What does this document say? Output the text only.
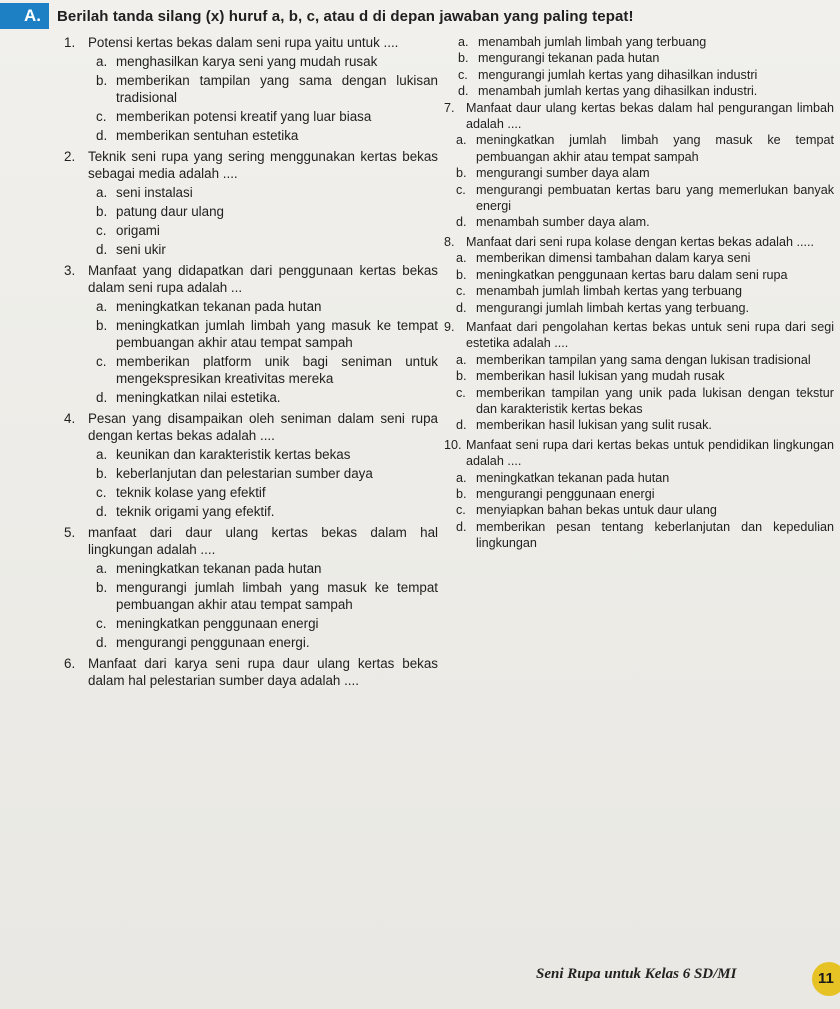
A.	Berilah tanda silang (x) huruf a, b, c, atau d di depan jawaban yang paling tepat!
1. Potensi kertas bekas dalam seni rupa yaitu untuk ....
a. menghasilkan karya seni yang mudah rusak
b. memberikan tampilan yang sama dengan lukisan tradisional
c. memberikan potensi kreatif yang luar biasa
d. memberikan sentuhan estetika
2. Teknik seni rupa yang sering menggunakan kertas bekas sebagai media adalah ....
a. seni instalasi
b. patung daur ulang
c. origami
d. seni ukir
3. Manfaat yang didapatkan dari penggunaan kertas bekas dalam seni rupa adalah ...
a. meningkatkan tekanan pada hutan
b. meningkatkan jumlah limbah yang masuk ke tempat pembuangan akhir atau tempat sampah
c. memberikan platform unik bagi seniman untuk mengekspresikan kreativitas mereka
d. meningkatkan nilai estetika.
4. Pesan yang disampaikan oleh seniman dalam seni rupa dengan kertas bekas adalah ....
a. keunikan dan karakteristik kertas bekas
b. keberlanjutan dan pelestarian sumber daya
c. teknik kolase yang efektif
d. teknik origami yang efektif.
5. manfaat dari daur ulang kertas bekas dalam hal lingkungan adalah ....
a. meningkatkan tekanan pada hutan
b. mengurangi jumlah limbah yang masuk ke tempat pembuangan akhir atau tempat sampah
c. meningkatkan penggunaan energi
d. mengurangi penggunaan energi.
6. Manfaat dari karya seni rupa daur ulang kertas bekas dalam hal pelestarian sumber daya adalah ....
a. menambah jumlah limbah yang terbuang
b. mengurangi tekanan pada hutan
c. mengurangi jumlah kertas yang dihasilkan industri
d. menambah jumlah kertas yang dihasilkan industri.
7. Manfaat daur ulang kertas bekas dalam hal pengurangan limbah adalah ....
a. meningkatkan jumlah limbah yang masuk ke tempat pembuangan akhir atau tempat sampah
b. mengurangi sumber daya alam
c. mengurangi pembuatan kertas baru yang memerlukan banyak energi
d. menambah sumber daya alam.
8. Manfaat dari seni rupa kolase dengan kertas bekas adalah .....
a. memberikan dimensi tambahan dalam karya seni
b. meningkatkan penggunaan kertas baru dalam seni rupa
c. menambah jumlah limbah kertas yang terbuang
d. mengurangi jumlah limbah kertas yang terbuang.
9. Manfaat dari pengolahan kertas bekas untuk seni rupa dari segi estetika adalah ....
a. memberikan tampilan yang sama dengan lukisan tradisional
b. memberikan hasil lukisan yang mudah rusak
c. memberikan tampilan yang unik pada lukisan dengan tekstur dan karakteristik kertas bekas
d. memberikan hasil lukisan yang sulit rusak.
10. Manfaat seni rupa dari kertas bekas untuk pendidikan lingkungan adalah ....
a. meningkatkan tekanan pada hutan
b. mengurangi penggunaan energi
c. menyiapkan bahan bekas untuk daur ulang
d. memberikan pesan tentang keberlanjutan dan kepedulian lingkungan
Seni Rupa untuk Kelas 6 SD/MI	11
